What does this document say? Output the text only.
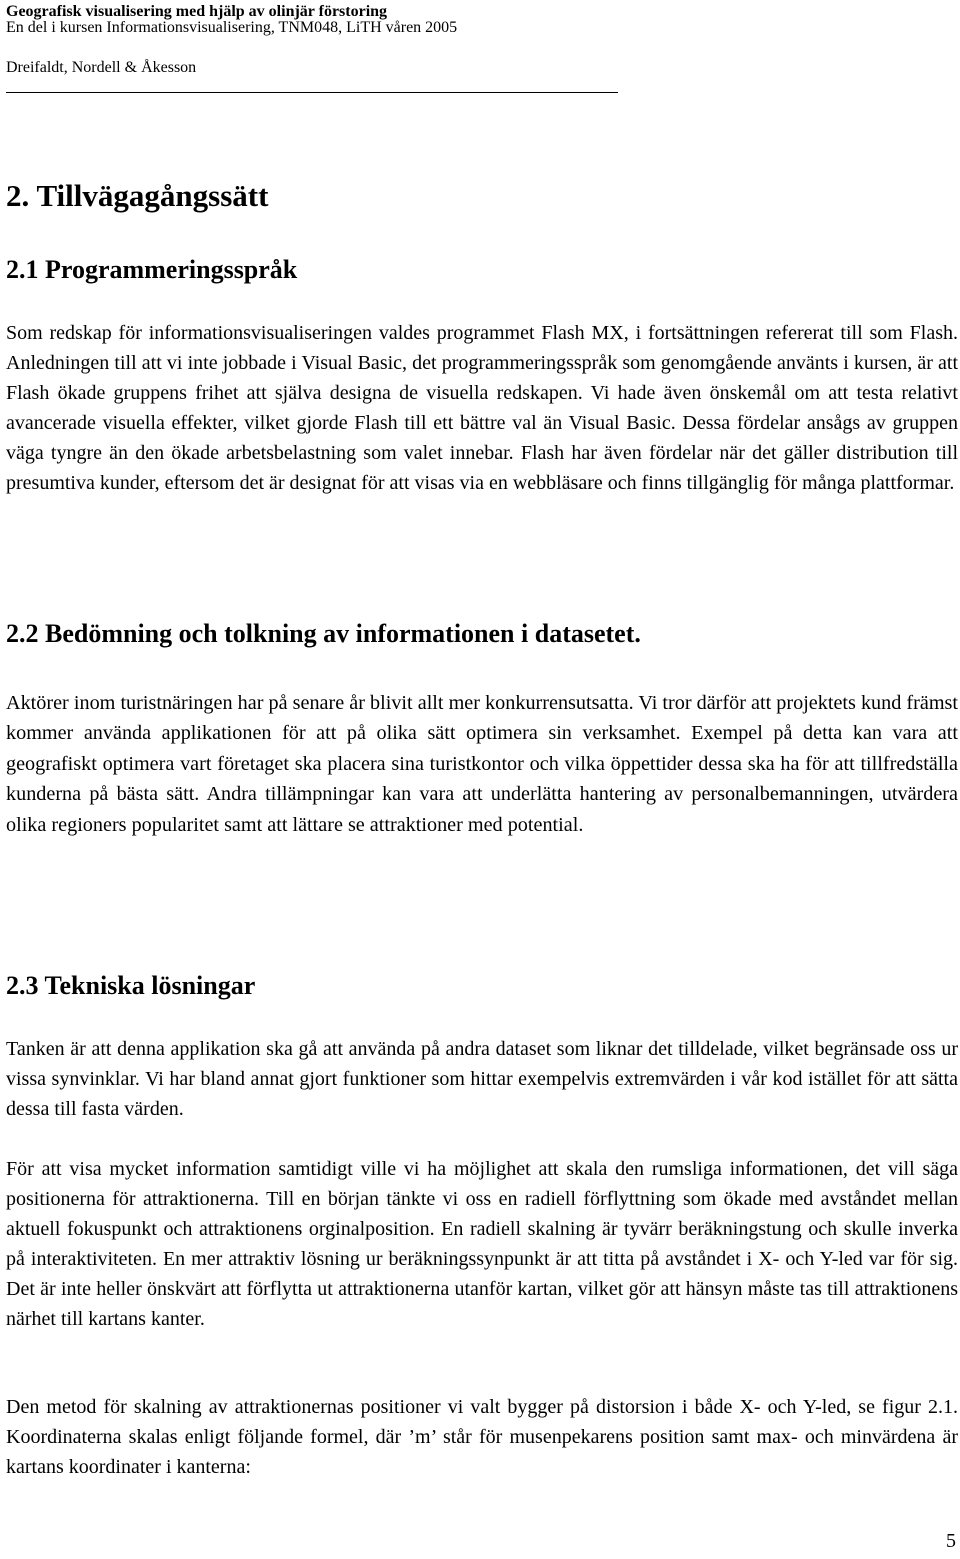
Geografisk visualisering med hjälp av olinjär förstoring
En del i kursen Informationsvisualisering, TNM048, LiTH våren 2005
Dreifaldt, Nordell & Åkesson
2. Tillvägagångssätt
2.1 Programmeringsspråk

Som redskap för informationsvisualiseringen valdes programmet Flash MX, i fortsättningen refererat till som Flash. Anledningen till att vi inte jobbade i Visual Basic, det programmeringsspråk som genomgående använts i kursen, är att Flash ökade gruppens frihet att själva designa de visuella redskapen. Vi hade även önskemål om att testa relativt avancerade visuella effekter, vilket gjorde Flash till ett bättre val än Visual Basic. Dessa fördelar ansågs av gruppen väga tyngre än den ökade arbetsbelastning som valet innebar. Flash har även fördelar när det gäller distribution till presumtiva kunder, eftersom det är designat för att visas via en webbläsare och finns tillgänglig för många plattformar.

2.2 Bedömning och tolkning av informationen i datasetet.

Aktörer inom turistnäringen har på senare år blivit allt mer konkurrensutsatta. Vi tror därför att projektets kund främst kommer använda applikationen för att på olika sätt optimera sin verksamhet. Exempel på detta kan vara att geografiskt optimera vart företaget ska placera sina turistkontor och vilka öppettider dessa ska ha för att tillfredställa kunderna på bästa sätt. Andra tillämpningar kan vara att underlätta hantering av personalbemanningen, utvärdera olika regioners popularitet samt att lättare se attraktioner med potential.

2.3 Tekniska lösningar

Tanken är att denna applikation ska gå att använda på andra dataset som liknar det tilldelade, vilket begränsade oss ur vissa synvinklar. Vi har bland annat gjort funktioner som hittar exempelvis extremvärden i vår kod istället för att sätta dessa till fasta värden.

För att visa mycket information samtidigt ville vi ha möjlighet att skala den rumsliga informationen, det vill säga positionerna för attraktionerna. Till en början tänkte vi oss en radiell förflyttning som ökade med avståndet mellan aktuell fokuspunkt och attraktionens orginalposition. En radiell skalning är tyvärr beräkningstung och skulle inverka på interaktiviteten. En mer attraktiv lösning ur beräkningssynpunkt är att titta på avståndet i X- och Y-led var för sig. Det är inte heller önskvärt att förflytta ut attraktionerna utanför kartan, vilket gör att hänsyn måste tas till attraktionens närhet till kartans kanter.

Den metod för skalning av attraktionernas positioner vi valt bygger på distorsion i både X- och Y-led, se figur 2.1. Koordinaterna skalas enligt följande formel, där ’m’ står för musenpekarens position samt max- och minvärdena är kartans koordinater i kanterna:

5
